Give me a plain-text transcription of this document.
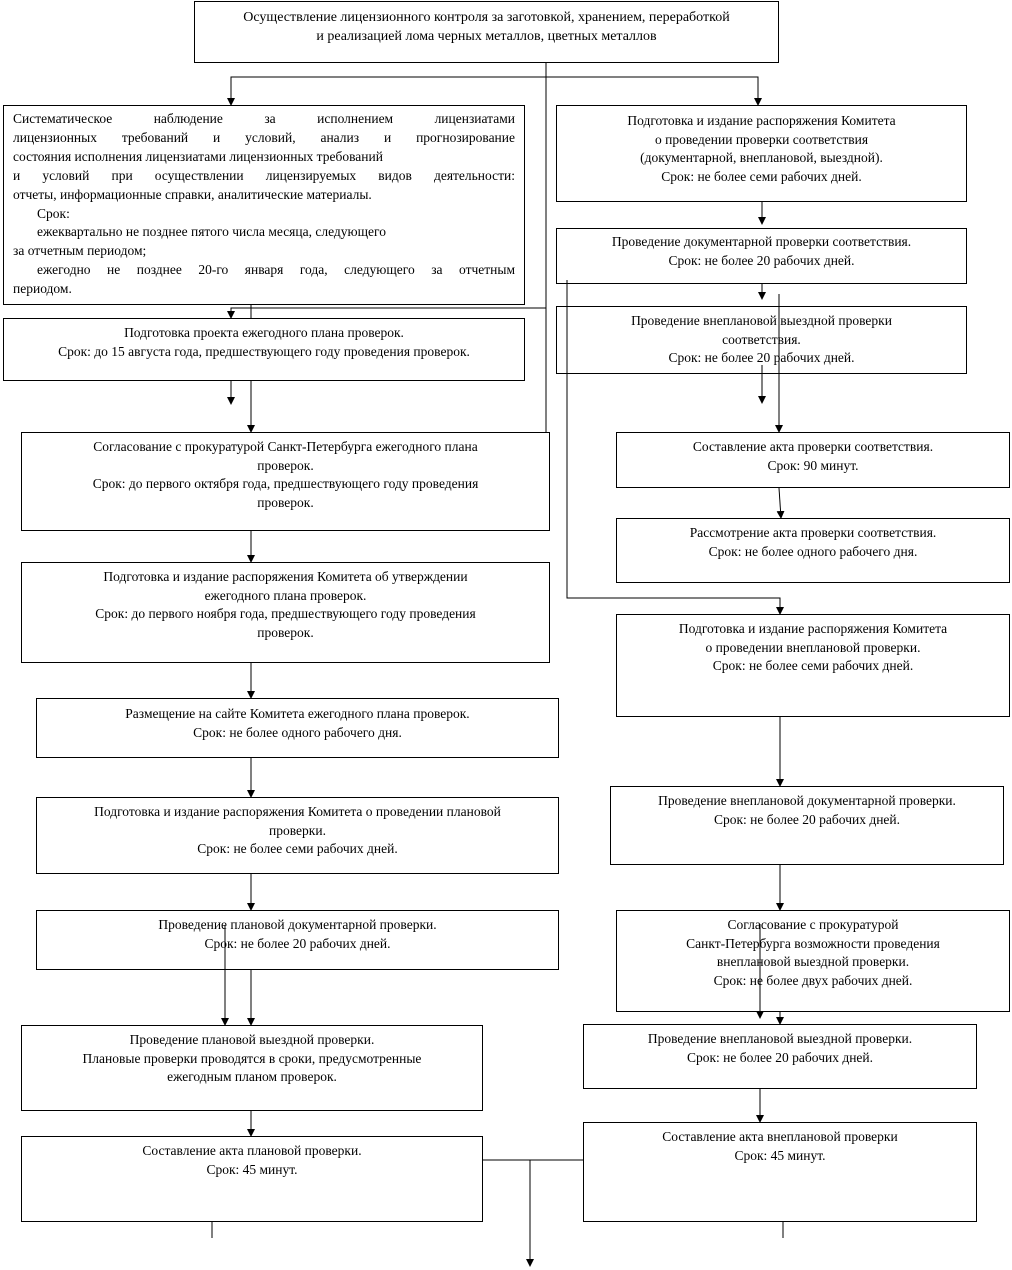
Осуществление лицензионного контроля за заготовкой, хранением, переработкой
и реализацией лома черных металлов, цветных металлов
Систематическое наблюдение за исполнением лицензиатами
лицензионных требований и условий, анализ и прогнозирование
состояния исполнения лицензиатами лицензионных требований
и условий при осуществлении лицензируемых видов деятельности:
отчеты, информационные справки, аналитические материалы.
Срок:
ежеквартально не позднее пятого числа месяца, следующего
за отчетным периодом;
ежегодно не позднее 20-го января года, следующего за отчетным
периодом.
Подготовка проекта ежегодного плана проверок.
Срок: до 15 августа года, предшествующего году проведения проверок.
Согласование с прокуратурой Санкт-Петербурга ежегодного плана
проверок.
Срок: до первого октября года, предшествующего году проведения
проверок.
Подготовка и издание распоряжения Комитета об утверждении
ежегодного плана проверок.
Срок: до первого ноября года, предшествующего году проведения
проверок.
Размещение на сайте Комитета ежегодного плана проверок.
Срок: не более одного рабочего дня.
Подготовка и издание распоряжения Комитета о проведении плановой
проверки.
Срок: не более семи рабочих дней.
Проведение плановой документарной проверки.
Срок: не более 20 рабочих дней.
Проведение плановой выездной проверки.
Плановые проверки проводятся в сроки, предусмотренные
ежегодным планом проверок.
Составление акта плановой проверки.
Срок: 45 минут.
Подготовка и издание распоряжения Комитета
о проведении проверки соответствия
(документарной, внеплановой, выездной).
Срок: не более семи рабочих дней.
Проведение документарной проверки соответствия.
Срок: не более 20 рабочих дней.
Проведение внеплановой выездной проверки
соответствия.
Срок: не более 20 рабочих дней.
Составление акта проверки соответствия.
Срок: 90 минут.
Рассмотрение акта проверки соответствия.
Срок: не более одного рабочего дня.
Подготовка и издание распоряжения Комитета
о проведении внеплановой проверки.
Срок: не более семи рабочих дней.
Проведение внеплановой документарной проверки.
Срок: не более 20 рабочих дней.
Согласование с прокуратурой
Санкт-Петербурга возможности проведения
внеплановой выездной проверки.
Срок: не более двух рабочих дней.
Проведение внеплановой выездной проверки.
Срок: не более 20 рабочих дней.
Составление акта внеплановой проверки
Срок: 45 минут.
